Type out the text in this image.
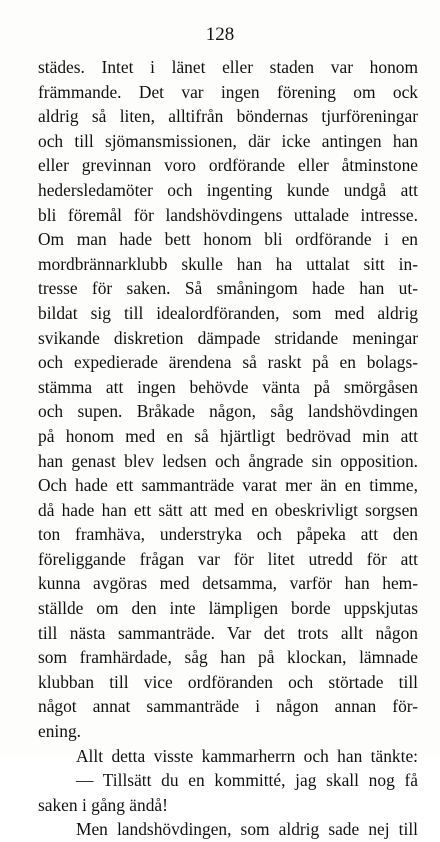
128
städes. Intet i länet eller staden var honom
främmande. Det var ingen förening om ock
aldrig så liten, alltifrån böndernas tjurföreningar
och till sjömansmissionen, där icke antingen han
eller grevinnan voro ordförande eller åtminstone
hedersledamöter och ingenting kunde undgå att
bli föremål för landshövdingens uttalade intresse.
Om man hade bett honom bli ordförande i en
mordbrännarklubb skulle han ha uttalat sitt in-
tresse för saken. Så småningom hade han ut-
bildat sig till idealordföranden, som med aldrig
svikande diskretion dämpade stridande meningar
och expedierade ärendena så raskt på en bolags-
stämma att ingen behövde vänta på smörgåsen
och supen. Bråkade någon, såg landshövdingen
på honom med en så hjärtligt bedrövad min att
han genast blev ledsen och ångrade sin opposition.
Och hade ett sammanträde varat mer än en timme,
då hade han ett sätt att med en obeskrivligt sorgsen
ton framhäva, understryka och påpeka att den
föreliggande frågan var för litet utredd för att
kunna avgöras med detsamma, varför han hem-
ställde om den inte lämpligen borde uppskjutas
till nästa sammanträde. Var det trots allt någon
som framhärdade, såg han på klockan, lämnade
klubban till vice ordföranden och störtade till
något annat sammanträde i någon annan för-
ening.
Allt detta visste kammarherrn och han tänkte:
— Tillsätt du en kommitté, jag skall nog få
saken i gång ändå!
Men landshövdingen, som aldrig sade nej till
